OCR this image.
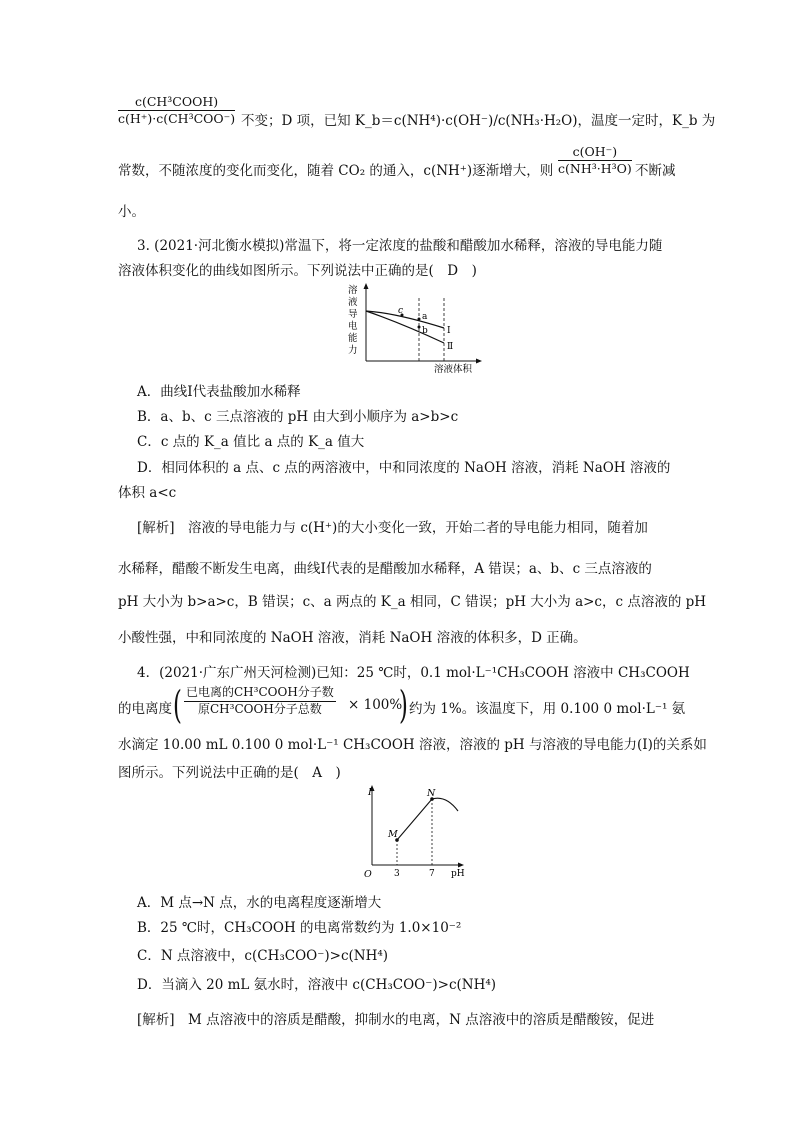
c(CH³COOH)
c(H⁺)·c(CH³COO⁻) 不变；D 项，已知 K_b＝c(NH⁴)·c(OH⁻)/c(NH₃·H₂O)，温度一定时，K_b 为
常数，不随浓度的变化而变化，随着 CO₂ 的通入，c(NH⁺)逐渐增大，则
c(OH⁻)
c(NH³·H³O) 不断减
小。
3. (2021·河北衡水模拟)常温下，将一定浓度的盐酸和醋酸加水稀释，溶液的导电能力随
溶液体积变化的曲线如图所示。下列说法中正确的是(　D　)
溶
液
导
电
能
力
c
a
b Ⅰ
Ⅱ
溶液体积
A．曲线Ⅰ代表盐酸加水稀释
B．a、b、c 三点溶液的 pH 由大到小顺序为 a>b>c
C．c 点的 K_a 值比 a 点的 K_a 值大
D．相同体积的 a 点、c 点的两溶液中，中和同浓度的 NaOH 溶液，消耗 NaOH 溶液的
体积 a<c
[解析]　溶液的导电能力与 c(H⁺)的大小变化一致，开始二者的导电能力相同，随着加
水稀释，醋酸不断发生电离，曲线Ⅰ代表的是醋酸加水稀释，A 错误；a、b、c 三点溶液的
pH 大小为 b>a>c，B 错误；c、a 两点的 K_a 相同，C 错误；pH 大小为 a>c，c 点溶液的 pH
小酸性强，中和同浓度的 NaOH 溶液，消耗 NaOH 溶液的体积多，D 正确。
4．(2021·广东广州天河检测)已知：25 ℃时，0.1 mol·L⁻¹CH₃COOH 溶液中 CH₃COOH
的电离度 ( 已电离的CH³COOH分子数
原CH³COOH分子总数 × 100%
) 约为 1%。该温度下，用 0.100 0 mol·L⁻¹ 氨
水滴定 10.00 mL 0.100 0 mol·L⁻¹ CH₃COOH 溶液，溶液的 pH 与溶液的导电能力(I)的关系如
图所示。下列说法中正确的是(　A　)
I
M
N
O 3	7 pH
A．M 点→N 点，水的电离程度逐渐增大
B．25 ℃时，CH₃COOH 的电离常数约为 1.0×10⁻²
C．N 点溶液中，c(CH₃COO⁻)>c(NH⁴)
D．当滴入 20 mL 氨水时，溶液中 c(CH₃COO⁻)>c(NH⁴)
[解析]　M 点溶液中的溶质是醋酸，抑制水的电离，N 点溶液中的溶质是醋酸铵，促进
